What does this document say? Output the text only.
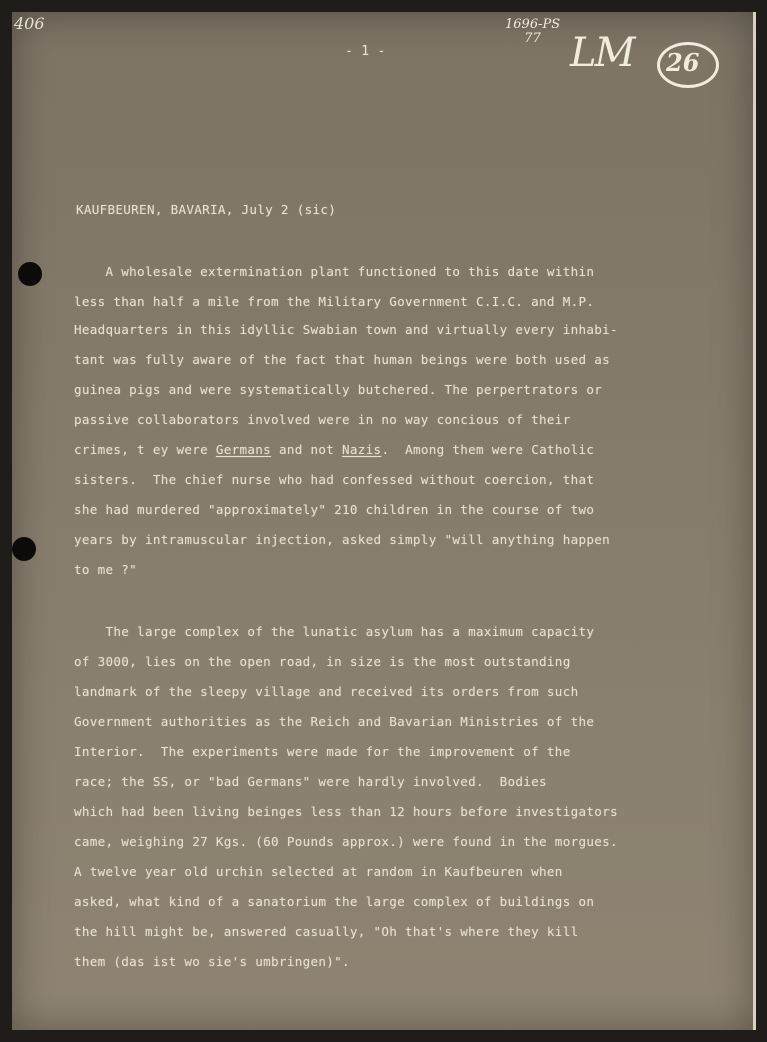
406	1696-PS
77 LM 26
- 1 -
KAUFBEUREN, BAVARIA, July 2 (sic)
A wholesale extermination plant functioned to this date within
less than half a mile from the Military Government C.I.C. and M.P.
Headquarters in this idyllic Swabian town and virtually every inhabi-
tant was fully aware of the fact that human beings were both used as
guinea pigs and were systematically butchered. The perpertrators or
passive collaborators involved were in no way concious of their
crimes, t ey were Germans and not Nazis.  Among them were Catholic
sisters.  The chief nurse who had confessed without coercion, that
she had murdered "approximately" 210 children in the course of two
years by intramuscular injection, asked simply "will anything happen
to me ?"
The large complex of the lunatic asylum has a maximum capacity
of 3000, lies on the open road, in size is the most outstanding
landmark of the sleepy village and received its orders from such
Government authorities as the Reich and Bavarian Ministries of the
Interior.  The experiments were made for the improvement of the
race; the SS, or "bad Germans" were hardly involved.  Bodies
which had been living beinges less than 12 hours before investigators
came, weighing 27 Kgs. (60 Pounds approx.) were found in the morgues.
A twelve year old urchin selected at random in Kaufbeuren when
asked, what kind of a sanatorium the large complex of buildings on
the hill might be, answered casually, "Oh that's where they kill
them (das ist wo sie's umbringen)".
